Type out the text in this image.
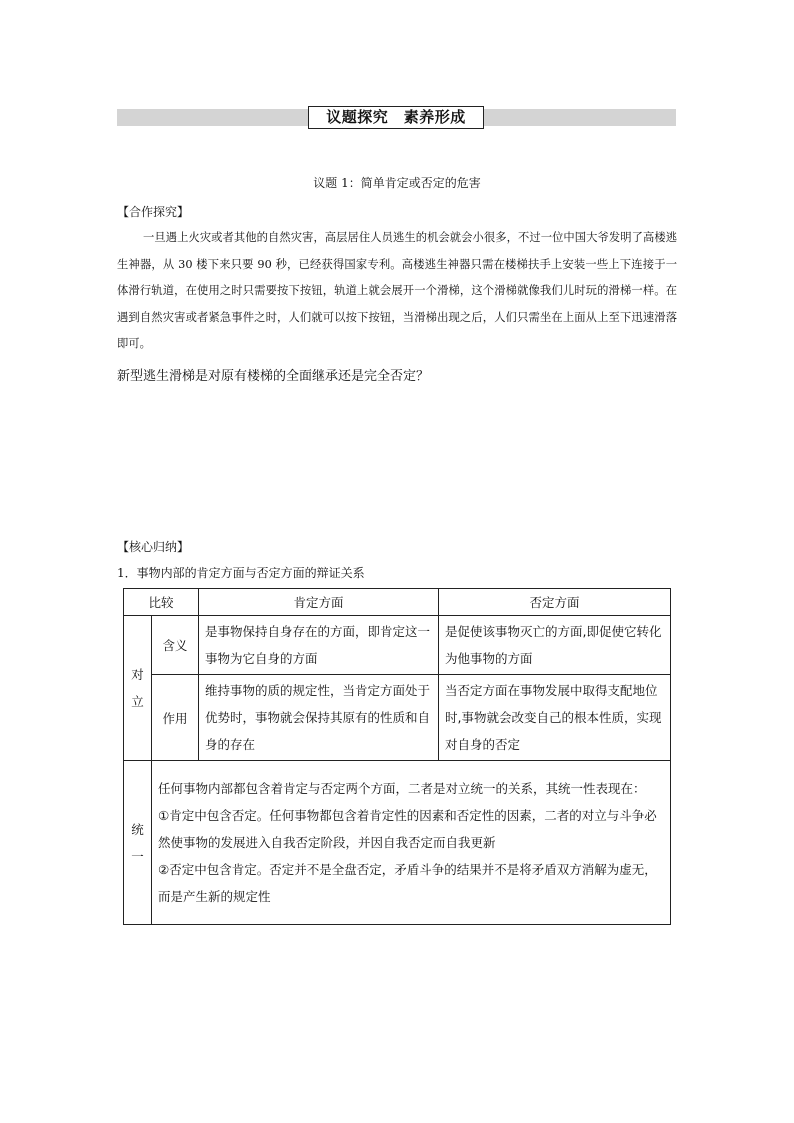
议题探究　素养形成
议题 1：简单肯定或否定的危害
【合作探究】
一旦遇上火灾或者其他的自然灾害，高层居住人员逃生的机会就会小很多，不过一位中国大爷发明了高楼逃生神器，从 30 楼下来只要 90 秒，已经获得国家专利。高楼逃生神器只需在楼梯扶手上安装一些上下连接于一体滑行轨道，在使用之时只需要按下按钮，轨道上就会展开一个滑梯，这个滑梯就像我们儿时玩的滑梯一样。在遇到自然灾害或者紧急事件之时，人们就可以按下按钮，当滑梯出现之后，人们只需坐在上面从上至下迅速滑落即可。
新型逃生滑梯是对原有楼梯的全面继承还是完全否定？
【核心归纳】
1．事物内部的肯定方面与否定方面的辩证关系
比较		肯定方面	否定方面

对立	含义	是事物保持自身存在的方面，即肯定这一事物为它自身的方面	是促使该事物灭亡的方面,即促使它转化为他事物的方面
	作用	维持事物的质的规定性，当肯定方面处于优势时，事物就会保持其原有的性质和自身的存在	当否定方面在事物发展中取得支配地位时,事物就会改变自己的根本性质，实现对自身的否定

统一	任何事物内部都包含着肯定与否定两个方面，二者是对立统一的关系，其统一性表现在：
①肯定中包含否定。任何事物都包含着肯定性的因素和否定性的因素，二者的对立与斗争必然使事物的发展进入自我否定阶段，并因自我否定而自我更新
②否定中包含肯定。否定并不是全盘否定，矛盾斗争的结果并不是将矛盾双方消解为虚无，而是产生新的规定性		
